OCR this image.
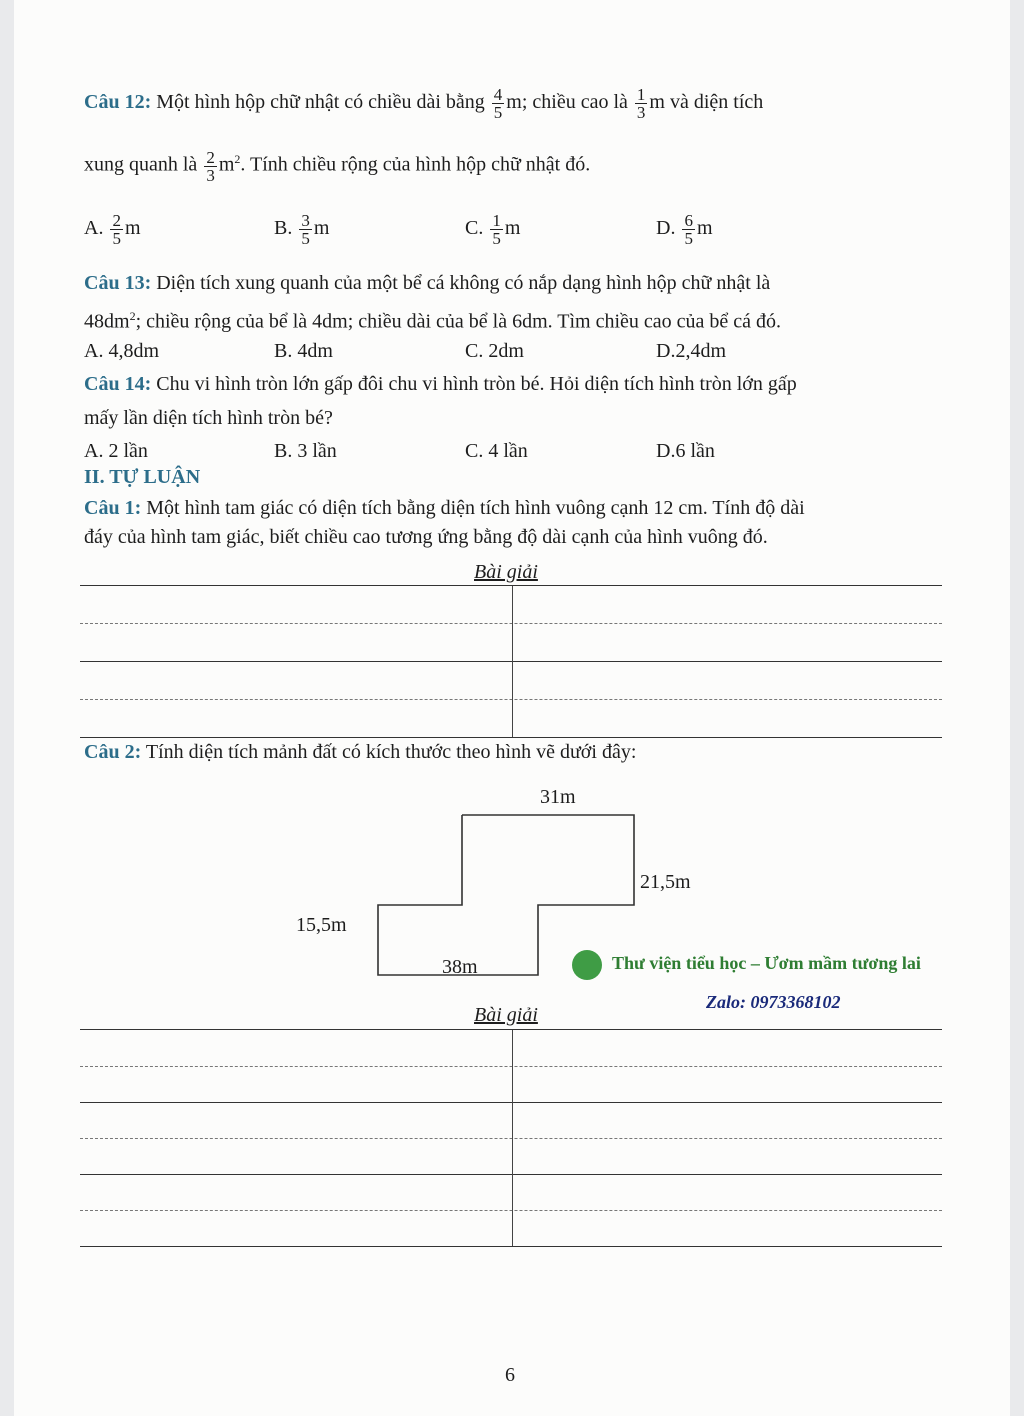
Câu 12: Một hình hộp chữ nhật có chiều dài bằng $\frac{4}{5} m$; chiều cao là $\frac{1}{3}$ m và diện tích
xung quanh là $\frac{2}{3} m^2$. Tính chiều rộng của hình hộp chữ nhật đó.
A. $\frac{2}{5}$ m	B. $\frac{3}{5}$ m	C. $\frac{1}{5}$ m	D. $\frac{6}{5}$ m
Câu 13: Diện tích xung quanh của một bể cá không có nắp dạng hình hộp chữ nhật là
$48dm^2$; chiều rộng của bể là 4dm; chiều dài của bể là 6dm. Tìm chiều cao của bể cá đó.
A. 4,8dm	B. 4dm	C. 2dm	D.2,4dm
Câu 14: Chu vi hình tròn lớn gấp đôi chu vi hình tròn bé. Hỏi diện tích hình tròn lớn gấp
mấy lần diện tích hình tròn bé?
A. 2 lần	B. 3 lần	C. 4 lần	D.6 lần
II. TỰ LUẬN
Câu 1: Một hình tam giác có diện tích bằng diện tích hình vuông cạnh 12 cm. Tính độ dài
đáy của hình tam giác, biết chiều cao tương ứng bằng độ dài cạnh của hình vuông đó.
Bài giải
Câu 2: Tính diện tích mảnh đất có kích thước theo hình vẽ dưới đây:
31m
21,5m
15,5m
38m	Thư viện tiểu học – Ươm mầm tương lai
Zalo: 0973368102
Bài giải
6
